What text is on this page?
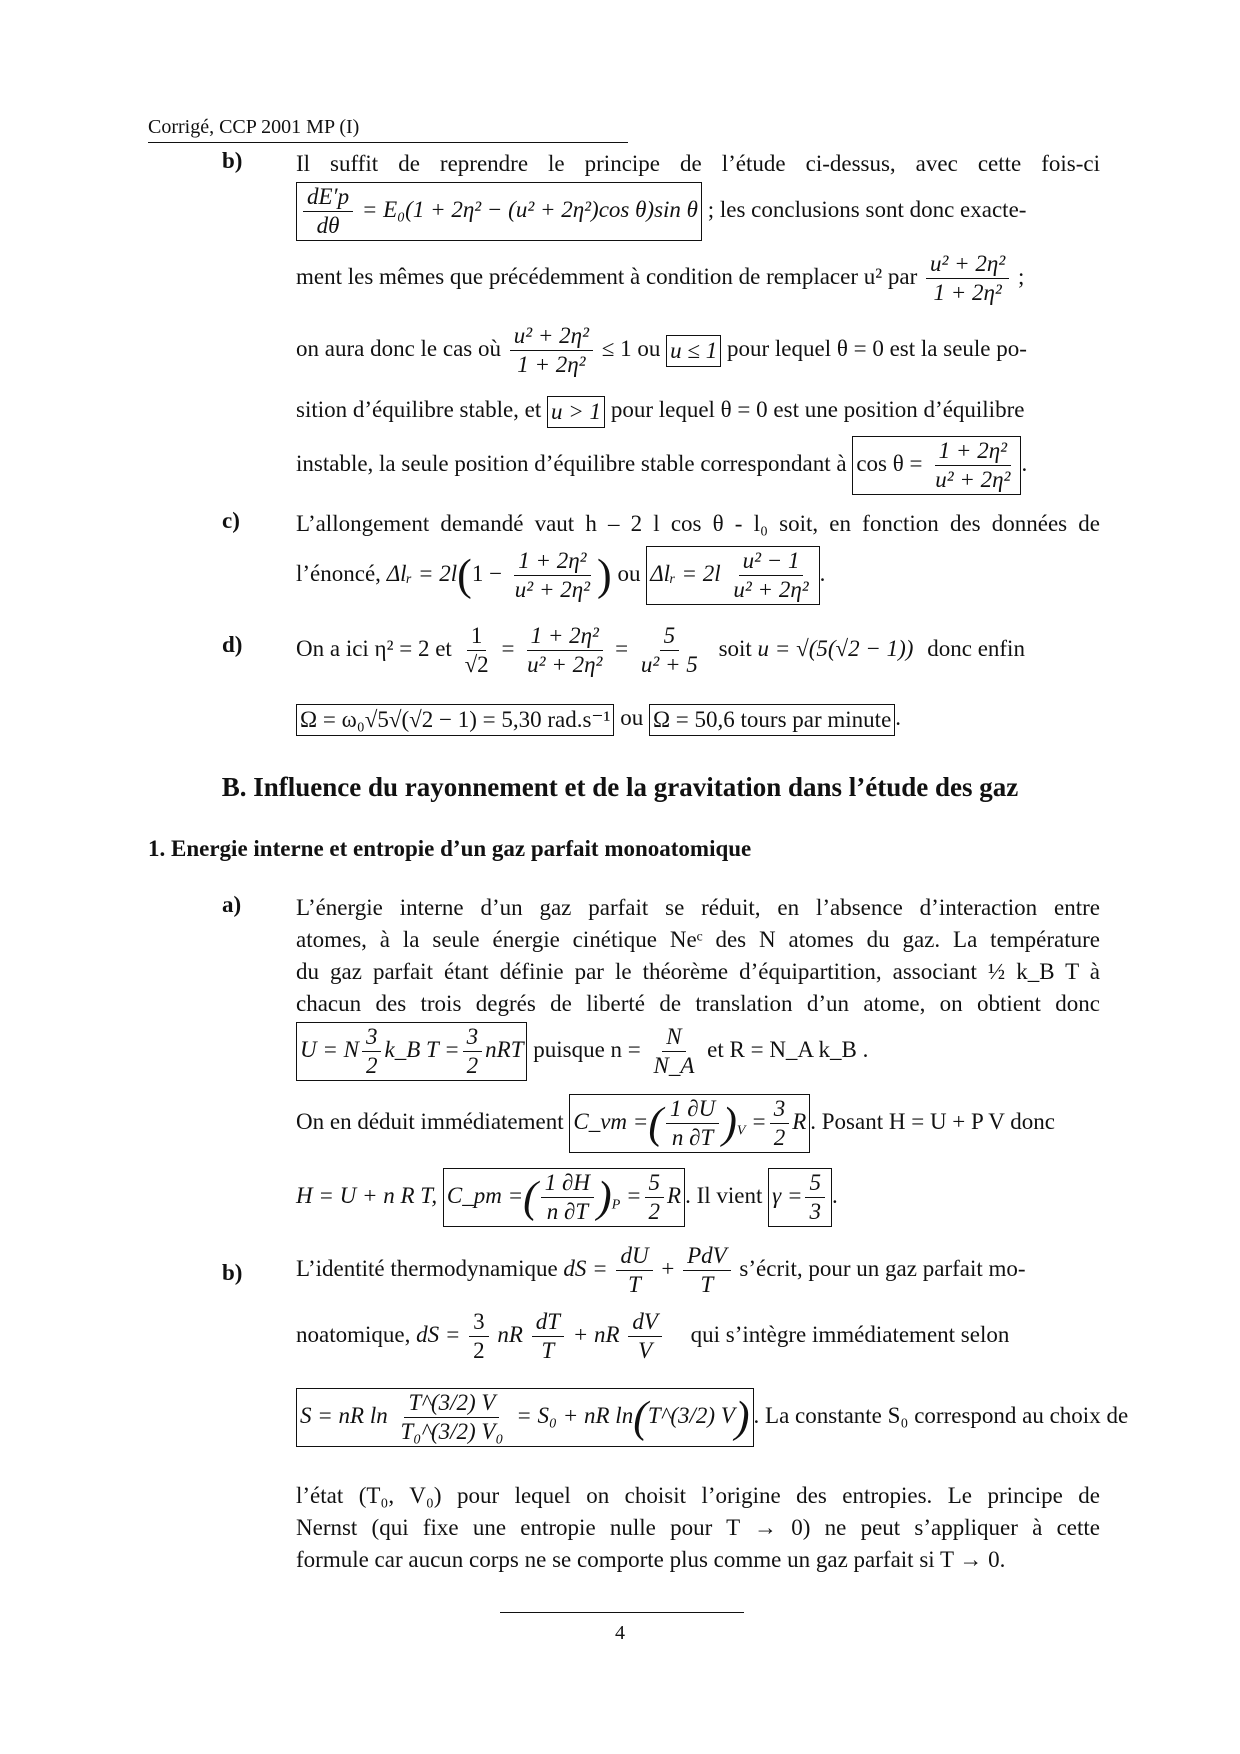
Corrigé, CCP 2001 MP (I)
b) Il suffit de reprendre le principe de l’étude ci-dessus, avec cette fois-ci
$\frac{dE'p}{d\theta} = E_0(1 + 2\eta^2 - (u^2 + 2\eta^2)\cos$ θ)sin θ ; les conclusions sont donc exacte-
ment les mêmes que précédemment à condition de remplacer u² par $\frac{\text{u² + 2η²}}{\text{1 + 2η²}}$ ;
on aura donc le cas où $\frac{\text{u² + 2η²}}{\text{1 + 2η²}} \le 1$ ou u ≤ 1 pour lequel θ = 0 est la seule po-
sition d’équilibre stable, et u > 1 pour lequel θ = 0 est une position d’équilibre
instable, la seule position d’équilibre stable correspondant à $\cos \theta = \frac{\text{1 + 2η²}}{\text{u² + 2η²}}$ .
c) L’allongement demandé vaut h – 2 l cos θ - l₀ soit, en fonction des données de
l’énoncé, Δlᵣ = $2l(1 - \frac{\text{1 + 2η²}}{\text{u² + 2η²}}$ ) ou Δlᵣ = $2l \frac{\text{u² − 1}}{\text{u² + 2η²}}$ .
d) On a ici η² = 2 et $\frac{1}{√2} = \frac{\text{1 + 2η²}}{\text{u² + 2η²}} = \frac{5}{\text{u² + 5}}$ soit u = √(5(√2 − 1)) donc enfin
Ω = ω₀√5√(√2 − 1) = 5,30 rad.s⁻¹ ou Ω = 50,6 tours par minute .
B. Influence du rayonnement et de la gravitation dans l’étude des gaz
1. Energie interne et entropie d’un gaz parfait monoatomique
a) L’énergie interne d’un gaz parfait se réduit, en l’absence d’interaction entre
atomes, à la seule énergie cinétique Neᶜ des N atomes du gaz. La température
du gaz parfait étant définie par le théorème d’équipartition, associant ½ k_B T à
chacun des trois degrés de liberté de translation d’un atome, on obtient donc
U = N $\frac{3}{2}$ k_B $T = \frac{3}{2}$ nRT puisque $n = \frac{N}{N\_A}$ et R = N_A k_B .
On en déduit immédiatement C_vm =( $\frac{1 \partial U}{n \partial T} )_V = \frac{3}{2}$ R . Posant H = U + P V donc
H = U + n R T, C_pm =( $\frac{1 \partial H}{n \partial T} )_P = \frac{5}{2}$ R . Il vient $\gamma = \frac{5}{3}$ .
b) L’identité thermodynamique dS = $\frac{dU}{T} + \frac{\text{PdV}}{T}$ s’écrit, pour un gaz parfait mo-
noatomique, dS = $\frac{3}{2}$ nR $\frac{dT}{T}$ + nR $\frac{dV}{V}$ qui s’intègre immédiatement selon
S = nR $\ln \frac{T\^{}(3/2) V}{\text{T₀\textasciicircum{}(3/2) V₀}} = S_0$ + nR ln(T^(3/2) V) . La constante S₀ correspond au choix de
l’état (T₀, V₀) pour lequel on choisit l’origine des entropies. Le principe de
Nernst (qui fixe une entropie nulle pour T → 0) ne peut s’appliquer à cette
formule car aucun corps ne se comporte plus comme un gaz parfait si T → 0.
4
